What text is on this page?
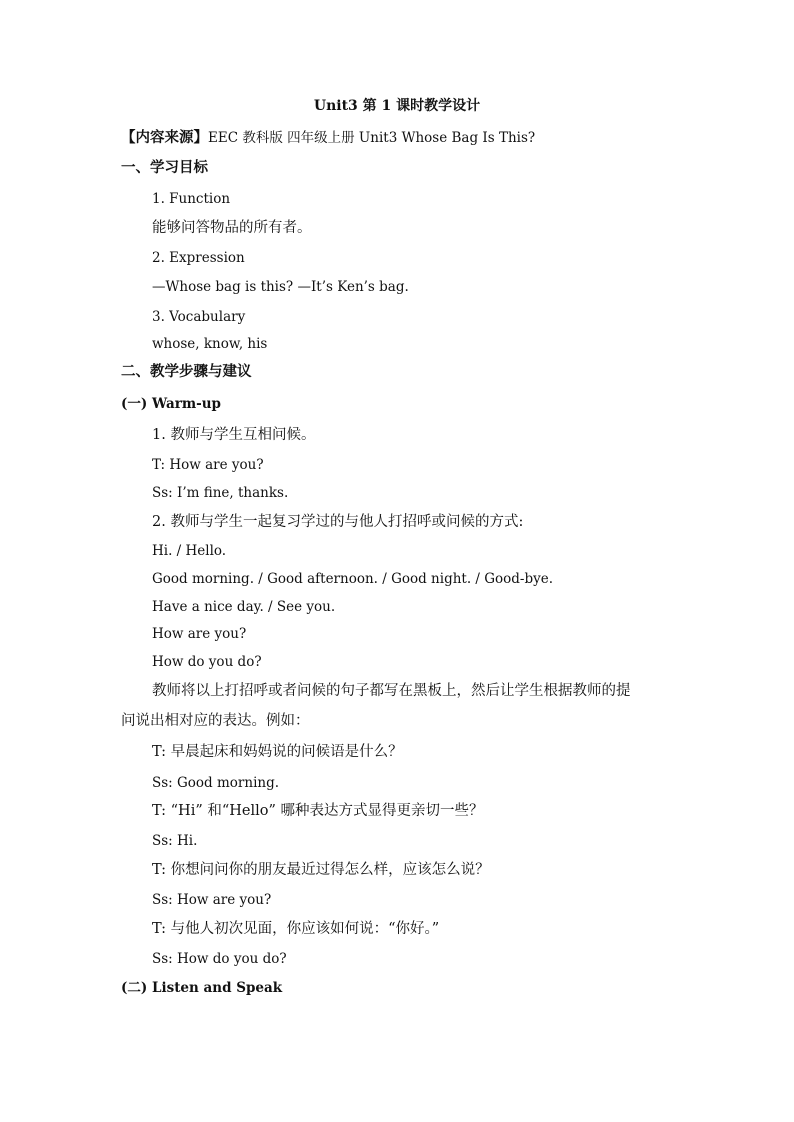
Unit3 第 1 课时教学设计
【内容来源】EEC 教科版 四年级上册 Unit3 Whose Bag Is This?
一、学习目标
1. Function
能够问答物品的所有者。
2. Expression
—Whose bag is this? —It’s Ken’s bag.
3. Vocabulary
whose, know, his
二、教学步骤与建议
(一) Warm-up
1. 教师与学生互相问候。
T: How are you?
Ss: I’m fine, thanks.
2. 教师与学生一起复习学过的与他人打招呼或问候的方式:
Hi. / Hello.
Good morning. / Good afternoon. / Good night. / Good-bye.
Have a nice day. / See you.
How are you?
How do you do?
教师将以上打招呼或者问候的句子都写在黑板上，然后让学生根据教师的提
问说出相对应的表达。例如：
T: 早晨起床和妈妈说的问候语是什么？
Ss: Good morning.
T: “Hi” 和“Hello” 哪种表达方式显得更亲切一些？
Ss: Hi.
T: 你想问问你的朋友最近过得怎么样，应该怎么说？
Ss: How are you?
T: 与他人初次见面，你应该如何说：“你好。”
Ss: How do you do?
(二) Listen and Speak
